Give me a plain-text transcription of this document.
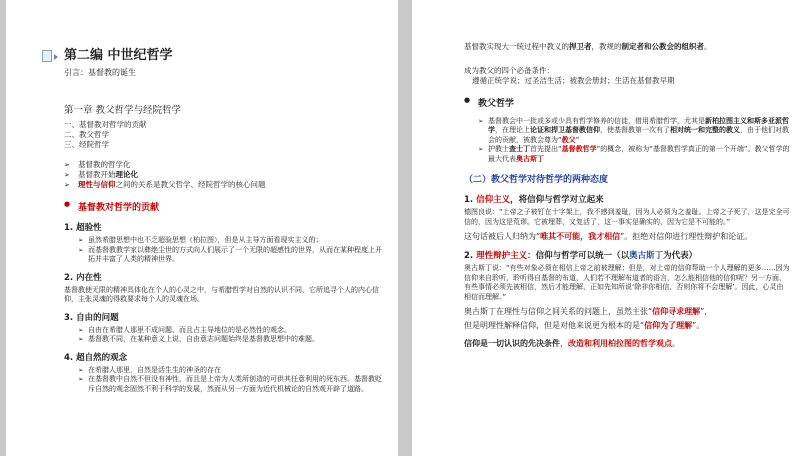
第二编 中世纪哲学
引言：基督教的诞生
第一章 教父哲学与经院哲学
一、基督教对哲学的贡献
二、教父哲学
三、经院哲学
➢ 基督教的哲学化
➢ 基督教开始理论化
➢ 理性与信仰之间的关系是教父哲学、经院哲学的核心问题
● 基督教对哲学的贡献
1. 超验性
➢ 虽然希腊思想中也不乏超验思想（柏拉图），但是从主导方面看现实主义的；
➢ 而基督教教学家以彝绝尘世的方式向人们展示了一个无限的超感性的世界，从而在某种程度上开拓并丰富了人类的精神世界。
2. 内在性
基督教使无限的精神具体化在个人的心灵之中，与希腊哲学对自然的认识不同，它所追寻个人的内心信仰，主张灵魂的得救要求每个人的灵魂在场。
3. 自由的问题
➢ 自由在希腊人那里不成问题，而且占主导地位的是必然性的观念。
➢ 基督教不同，在某种意义上说，自由意志问题始终是基督教思想中的难题。
4. 超自然的观念
➢ 在希腊人那里，自然是活生生的神圣的存在
➢ 在基督教中自然不但没有神性，而且是上帝为人类所创造的可供其任意利用的死东西。基督教贬斥自然的观念固然不利于科学的发展，然而从另一方面为近代机械论的自然观开辟了道路。
基督教实现大一统过程中教义的捍卫者，教规的制定者和公教会的组织者。
成为教父的四个必备条件：
遵循正统学说；过圣洁生活；被教会册封；生活在基督教早期
● 教父哲学
➢ 基督教会中一批或多或少具有哲学修养的信徒，借用希腊哲学，尤其是新柏拉图主义和斯多亚派哲学，在理论上论证和捍卫基督教信仰，使基督教第一次有了相对统一和完整的教义，由于他们对教会的贡献，被教会尊为“教父”
➢ 护教士查士丁首先提出“基督教哲学”的概念，被称为“基督教哲学真正的第一个开端”。教父哲学的最大代表奥古斯丁
（二）教父哲学对待哲学的两种态度
1. 信仰主义，将信仰与哲学对立起来
德图良说：“上帝之子被钉在十字架上，我不感到羞耻，因为人必须为之羞耻。上帝之子死了，这是完全可信的，因为这是荒谬。它被埋葬，又复活了，这一事实是确实的，因为它是不可能的。”
这句话被后人归纳为“唯其不可能，我才相信”。拒绝对信仰进行理性辩护和论证。
2. 理性辩护主义：信仰与哲学可以统一（以奥古斯丁为代表）
奥古斯丁说：“有些对象必须在相信上帝之前被理解；但是，对上帝的信仰帮助一个人理解的更多……因为信仰来自聆听，聆听得自基督的布道，人们若不理解布道者的语言，怎么能相信他的信仰呢？另一方面，有些事情必须先被相信，然后才能理解，正如先知所说‘除非你相信，否则你将不会理解’。因此，心灵由相信而理解。”
奥古斯丁在理性与信仰之间关系的问题上，虽然主张“信仰寻求理解”，
但是明理性解释信仰，但是对他来说更为根本的是“信仰为了理解”。
信仰是一切认识的先决条件，改造和利用柏拉图的哲学观点。
